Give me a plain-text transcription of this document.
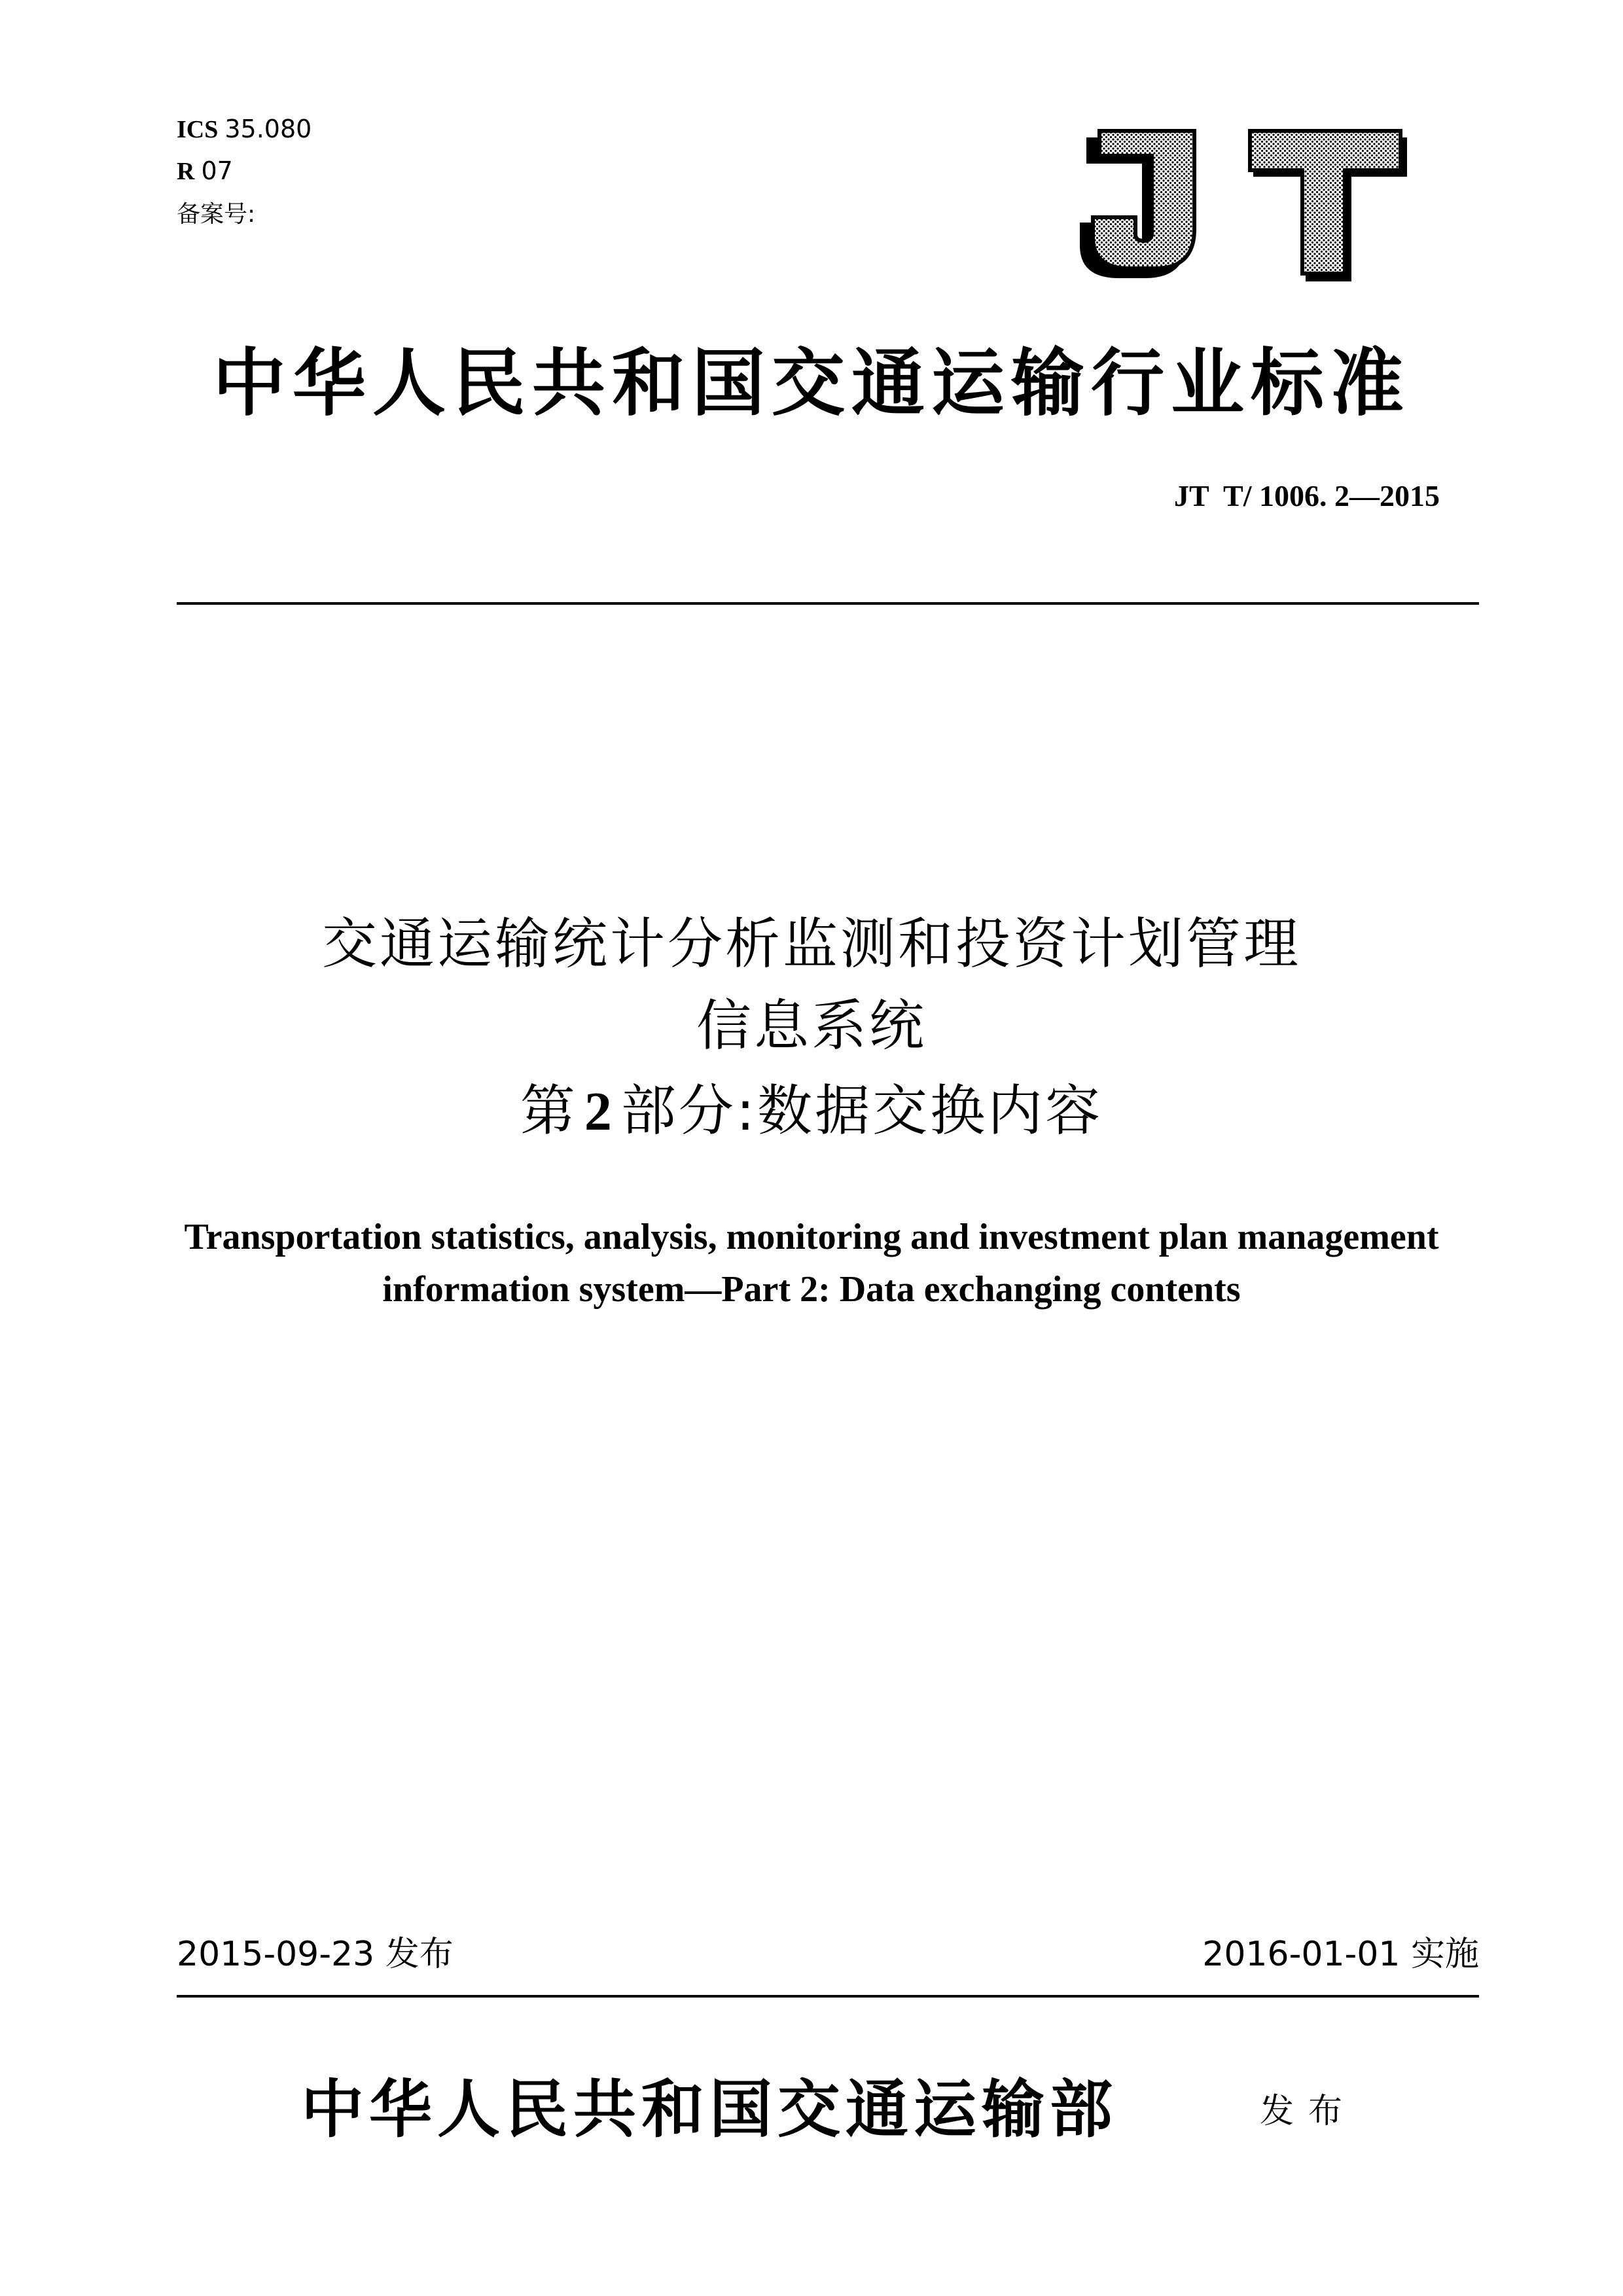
ICS 35.080
R 07
备案号:
JT
中华人民共和国交通运输行业标准
JT  T/ 1006. 2—2015
交通运输统计分析监测和投资计划管理
信息系统
第 2 部分:数据交换内容
Transportation statistics, analysis, monitoring and investment plan management
information system—Part 2: Data exchanging contents
2015-09-23 发布	2016-01-01 实施
中华人民共和国交通运输部	发布
